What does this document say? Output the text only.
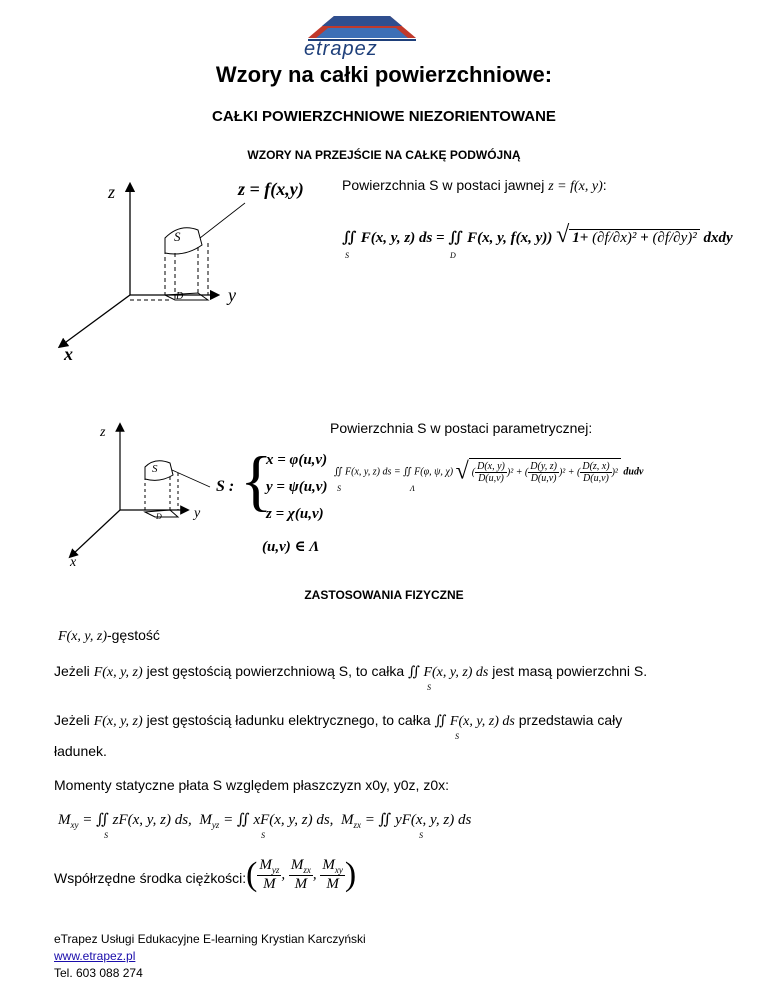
etrapez
Wzory na całki powierzchniowe:
CAŁKI POWIERZCHNIOWE NIEZORIENTOWANE
WZORY NA PRZEJŚCIE NA CAŁKĘ PODWÓJNĄ
z
y
x
S
D
z = f(x,y)	Powierzchnia S w postaci jawnej z = f(x, y):
∬ F(x, y, z) ds = ∬ F(x, y, f(x, y)) √ 1+ (∂f/∂x)² + (∂f/∂y)² dxdy
S	D
z
y
x
S
D
Powierzchnia S w postaci parametrycznej:
S : {
x = φ(u,v)
y = ψ(u,v)
z = χ(u,v)
(u,v) ∈ Λ
∬ F(x, y, z) ds = ∬ F(φ, ψ, χ) √( $\frac{D(x, y)}{D(u,v)} )^2$ + ( $\frac{D(y, z)}{D(u,v)} )^2$ + ( $\frac{D(z, x)}{D(u,v)} )^2$ dudv
S	Λ
ZASTOSOWANIA FIZYCZNE
F(x, y, z)-gęstość
Jeżeli F(x, y, z) jest gęstością powierzchniową S, to całka ∬ F(x, y, z) ds jest masą powierzchni S.
S
Jeżeli F(x, y, z) jest gęstością ładunku elektrycznego, to całka ∬ F(x, y, z) ds przedstawia cały
S
ładunek.
Momenty statyczne płata S względem płaszczyzn x0y, y0z, z0x:
$M_{xy}$ = ∬ zF(x, y, z) ds, $M_{yz}$ = ∬ xF(x, y, z) ds, $M_{zx}$ = ∬ yF(x, y, z) ds
S	S	S
Współrzędne środka ciężkości: ( $\frac{M_{yz}}{M}$ , $\frac{M_{zx}}{M}$ , $\frac{M_{xy}}{M}$ )
eTrapez Usługi Edukacyjne E-learning Krystian Karczyński
www.etrapez.pl
Tel. 603 088 274
